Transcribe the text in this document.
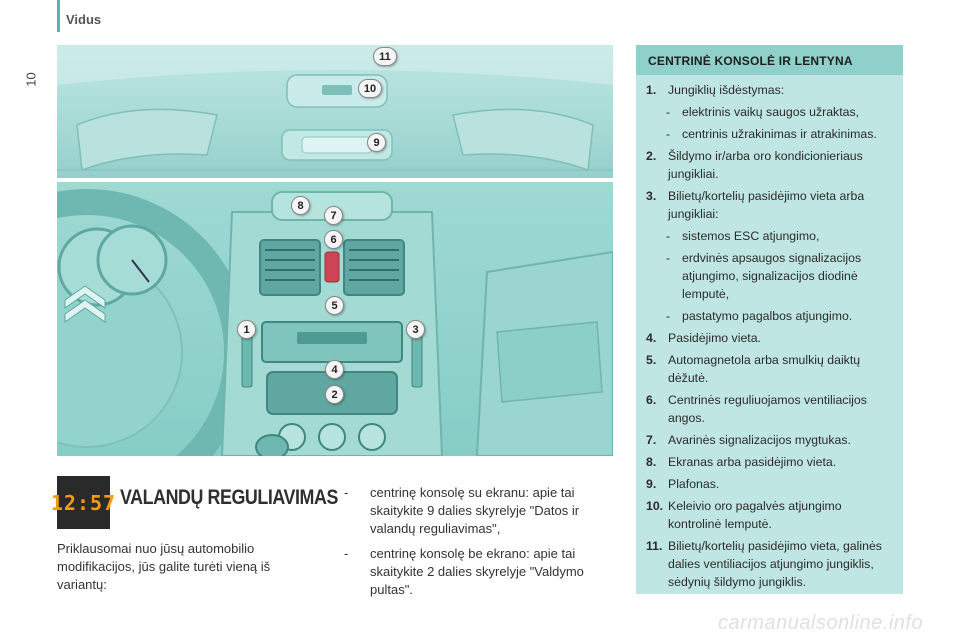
Vidus
10
11
10
9
8
7
6
5
1	3
4
2
CENTRINĖ KONSOLĖ IR LENTYNA
1. Jungiklių išdėstymas:
- elektrinis vaikų saugos užraktas,
- centrinis užrakinimas ir atrakinimas.
2. Šildymo ir/arba oro kondicionieriaus jungikliai.
3. Bilietų/kortelių pasidėjimo vieta arba jungikliai:
- sistemos ESC atjungimo,
- erdvinės apsaugos signalizacijos atjungimo, signalizacijos diodinė lemputė,
- pastatymo pagalbos atjungimo.
4. Pasidėjimo vieta.
5. Automagnetola arba smulkių daiktų dėžutė.
6. Centrinės reguliuojamos ventiliacijos angos.
7. Avarinės signalizacijos mygtukas.
8. Ekranas arba pasidėjimo vieta.
9. Plafonas.
10. Keleivio oro pagalvės atjungimo kontrolinė lemputė.
11. Bilietų/kortelių pasidėjimo vieta, galinės dalies ventiliacijos atjungimo jungiklis, sėdynių šildymo jungiklis.
12:57 VALANDŲ REGULIAVIMAS
Priklausomai nuo jūsų automobilio modifikacijos, jūs galite turėti vieną iš variantų:
-	centrinę konsolę su ekranu: apie tai skaitykite 9 dalies skyrelyje "Datos ir valandų reguliavimas",
-	centrinę konsolę be ekrano: apie tai skaitykite 2 dalies skyrelyje "Valdymo pultas".
carmanualsonline.info
